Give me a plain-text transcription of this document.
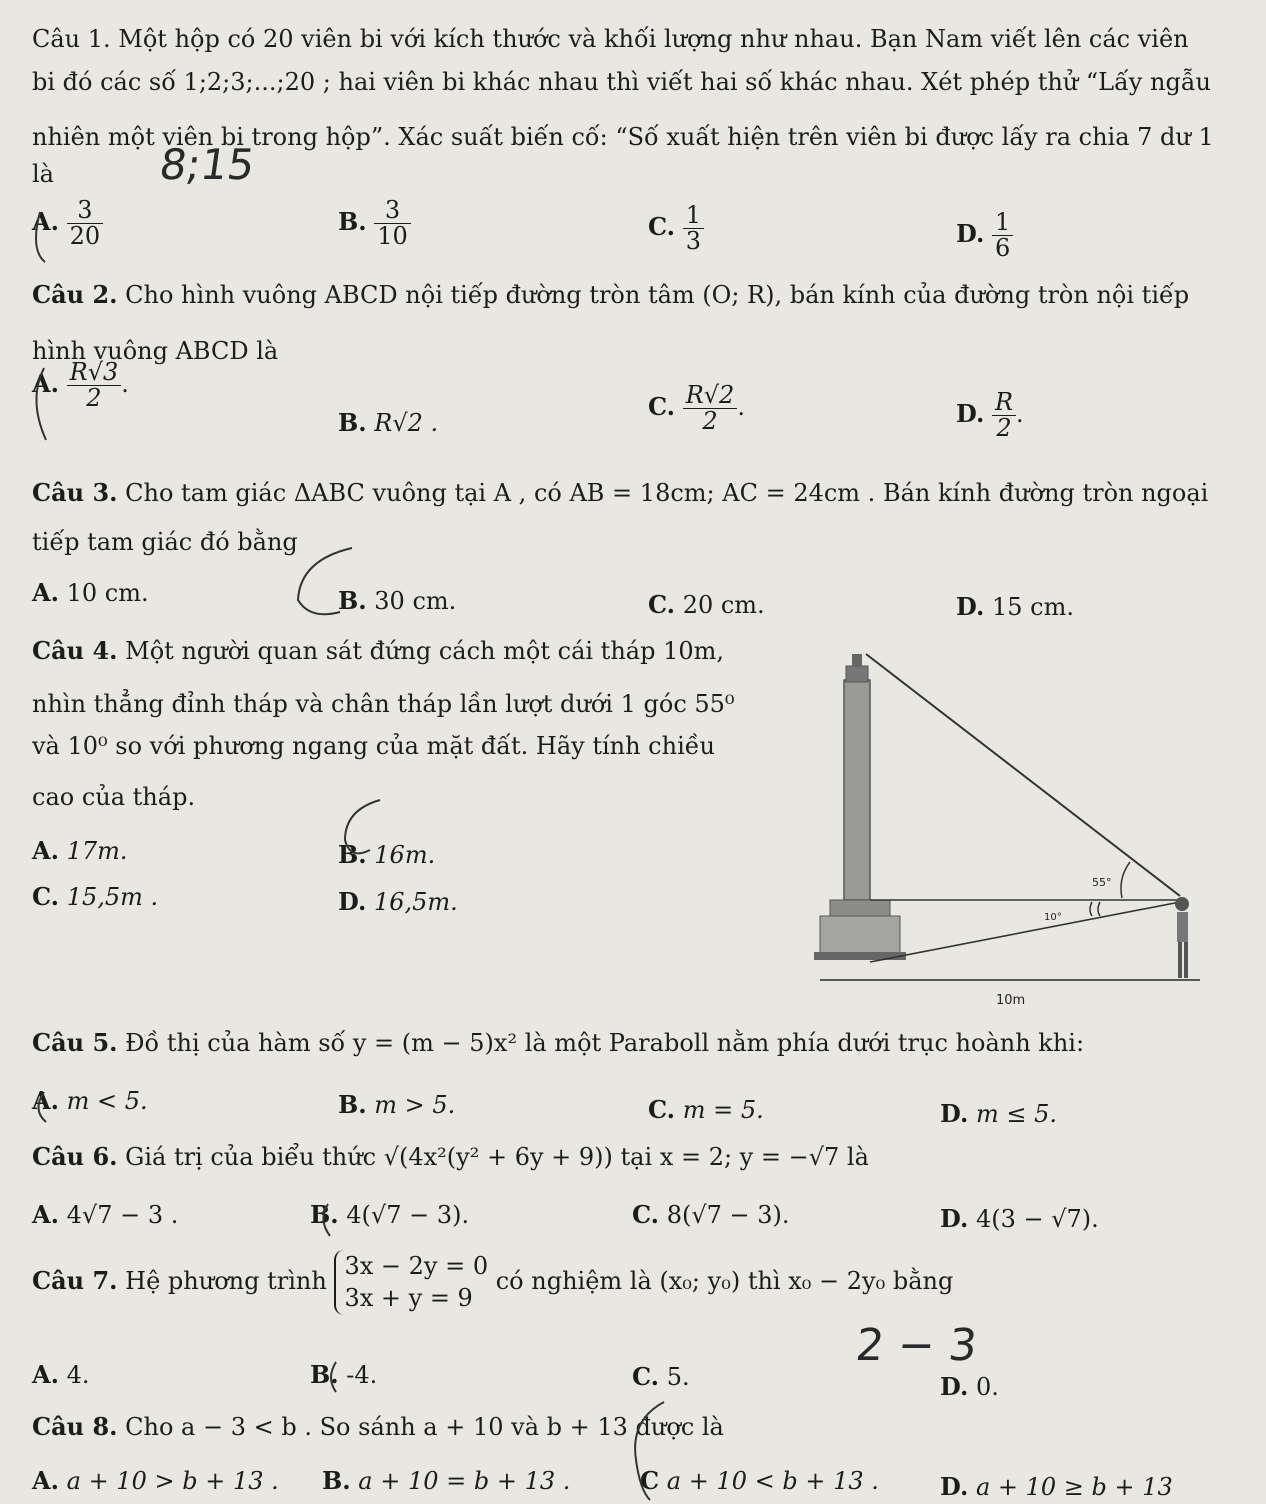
Câu 1. Một hộp có 20 viên bi với kích thước và khối lượng như nhau. Bạn Nam viết lên các viên
bi đó các số 1;2;3;...;20 ; hai viên bi khác nhau thì viết hai số khác nhau. Xét phép thử “Lấy ngẫu
nhiên một viên bi trong hộp”. Xác suất biến cố: “Số xuất hiện trên viên bi được lấy ra chia 7 dư 1
là 8;15
A. $\frac{3}{20}$	B. $\frac{3}{10}$	C. $\frac{1}{3}$	D. $\frac{1}{6}$
Câu 2. Cho hình vuông ABCD nội tiếp đường tròn tâm (O; R), bán kính của đường tròn nội tiếp
hình vuông ABCD là
A. $\frac{R√3}{2}$ .
B. R√2 .
C. $\frac{R√2}{2}$ .	D. $\frac{R}{2}$ .
Câu 3. Cho tam giác ΔABC vuông tại A , có AB = 18cm; AC = 24cm . Bán kính đường tròn ngoại
tiếp tam giác đó bằng
A. 10 cm.	B. 30 cm.	C. 20 cm.	D. 15 cm.
Câu 4. Một người quan sát đứng cách một cái tháp 10m,
nhìn thẳng đỉnh tháp và chân tháp lần lượt dưới 1 góc 55⁰
và 10⁰ so với phương ngang của mặt đất. Hãy tính chiều
cao của tháp.
A. 17m.	B. 16m.
C. 15,5m .	D. 16,5m.
55°
10°
10m
Câu 5. Đồ thị của hàm số y = (m − 5)x² là một Paraboll nằm phía dưới trục hoành khi:
A. m < 5.	B. m > 5.	C. m = 5.	D. m ≤ 5.
Câu 6. Giá trị của biểu thức √(4x²(y² + 6y + 9)) tại x = 2; y = −√7 là
A. 4√7 − 3 .	B. 4(√7 − 3).	C. 8(√7 − 3).	D. 4(3 − √7).
Câu 7. Hệ phương trình
3x − 2y = 0
3x + y = 9
có nghiệm là (x₀; y₀) thì x₀ − 2y₀ bằng
2 − 3
A. 4.	B. -4.	C. 5.	D. 0.
Câu 8. Cho a − 3 < b . So sánh a + 10 và b + 13 được là
A. a + 10 > b + 13 . B. a + 10 = b + 13 .	C a + 10 < b + 13 .	D. a + 10 ≥ b + 13
